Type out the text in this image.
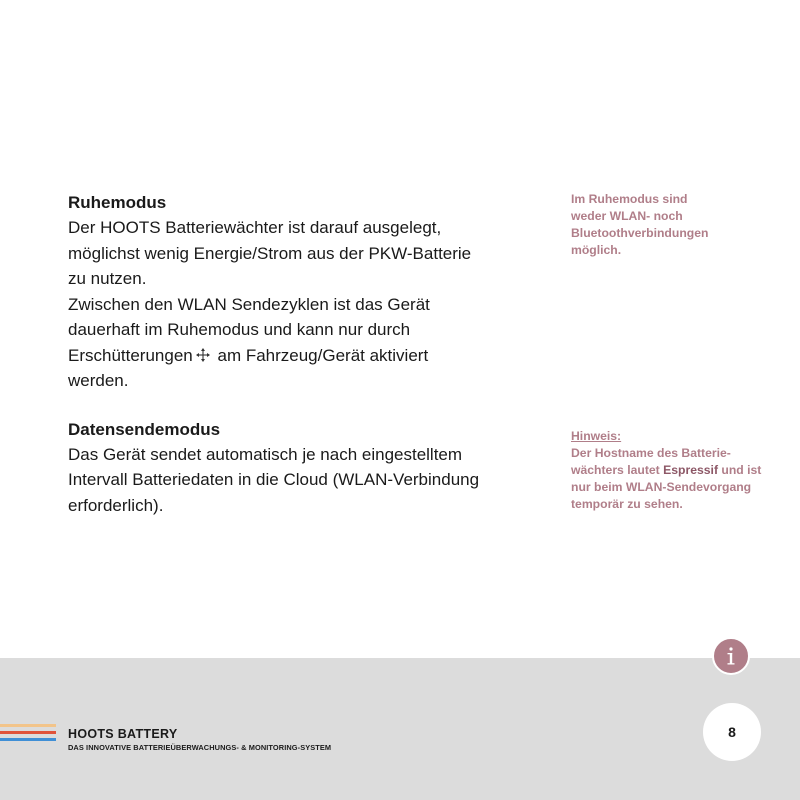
Ruhemodus

Der HOOTS Batteriewächter ist darauf ausgelegt,

möglichst wenig Energie/Strom aus der PKW-Batterie

zu nutzen.

Zwischen den WLAN Sendezyklen ist das Gerät

dauerhaft im Ruhemodus und kann nur durch

Erschütterungen am Fahrzeug/Gerät aktiviert

werden.

Datensendemodus

Das Gerät sendet automatisch je nach eingestelltem

Intervall Batteriedaten in die Cloud (WLAN-Verbindung

erforderlich).

Im Ruhemodus sind
weder WLAN- noch
Bluetoothverbindungen
möglich.
Hinweis:
Der Hostname des Batterie-
wächters lautet Espressif und ist
nur beim WLAN-Sendevorgang
temporär zu sehen.
HOOTS BATTERY
DAS INNOVATIVE BATTERIEÜBERWACHUNGS- & MONITORING-SYSTEM
8
